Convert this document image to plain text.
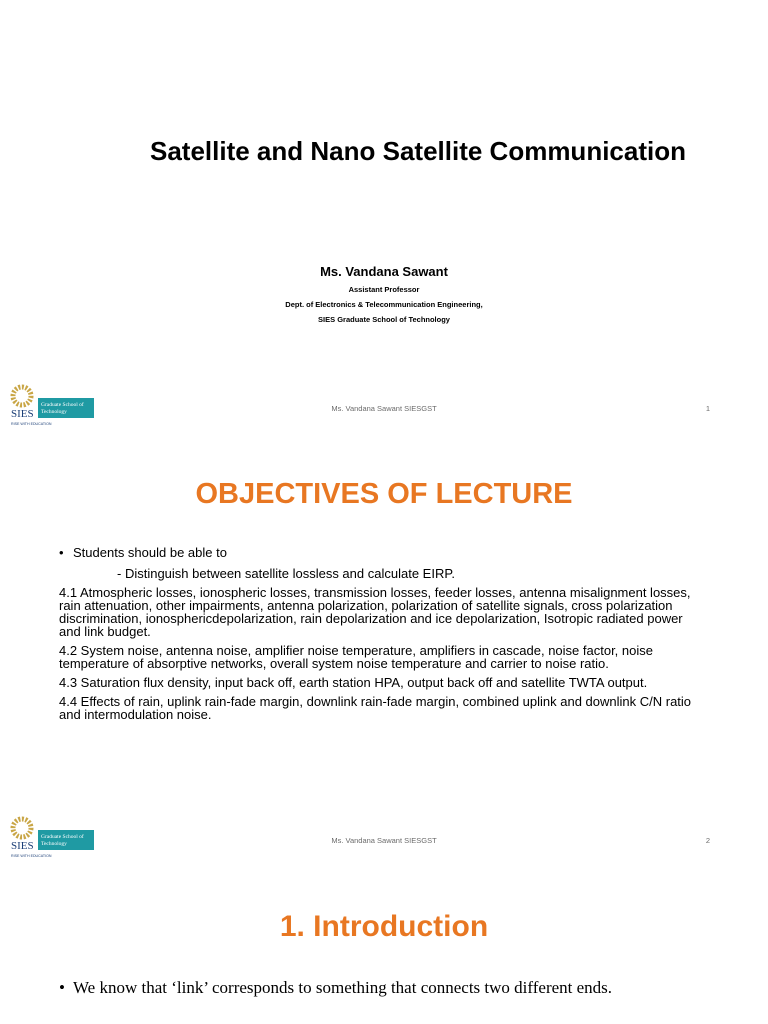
Satellite and Nano Satellite Communication
Ms. Vandana Sawant
Assistant Professor
Dept. of Electronics & Telecommunication Engineering,
SIES Graduate School of Technology
SIES
Graduate School of
Technology
RISE WITH EDUCATION
Ms. Vandana Sawant SIESGST	1
OBJECTIVES OF LECTURE
• Students should be able to
- Distinguish between satellite lossless and calculate EIRP.

4.1 Atmospheric losses, ionospheric losses, transmission losses, feeder losses, antenna misalignment losses, rain attenuation, other impairments, antenna polarization, polarization of satellite signals, cross polarization discrimination, ionosphericdepolarization, rain depolarization and ice depolarization, Isotropic radiated power and link budget.

4.2 System noise, antenna noise, amplifier noise temperature, amplifiers in cascade, noise factor, noise temperature of absorptive networks, overall system noise temperature and carrier to noise ratio.

4.3 Saturation flux density, input back off, earth station HPA, output back off and satellite TWTA output.

4.4 Effects of rain, uplink rain-fade margin, downlink rain-fade margin, combined uplink and downlink C/N ratio and intermodulation noise.

SIES
Graduate School of
Technology
RISE WITH EDUCATION
Ms. Vandana Sawant SIESGST	2
1. Introduction
• We know that ‘link’ corresponds to something that connects two different ends.
